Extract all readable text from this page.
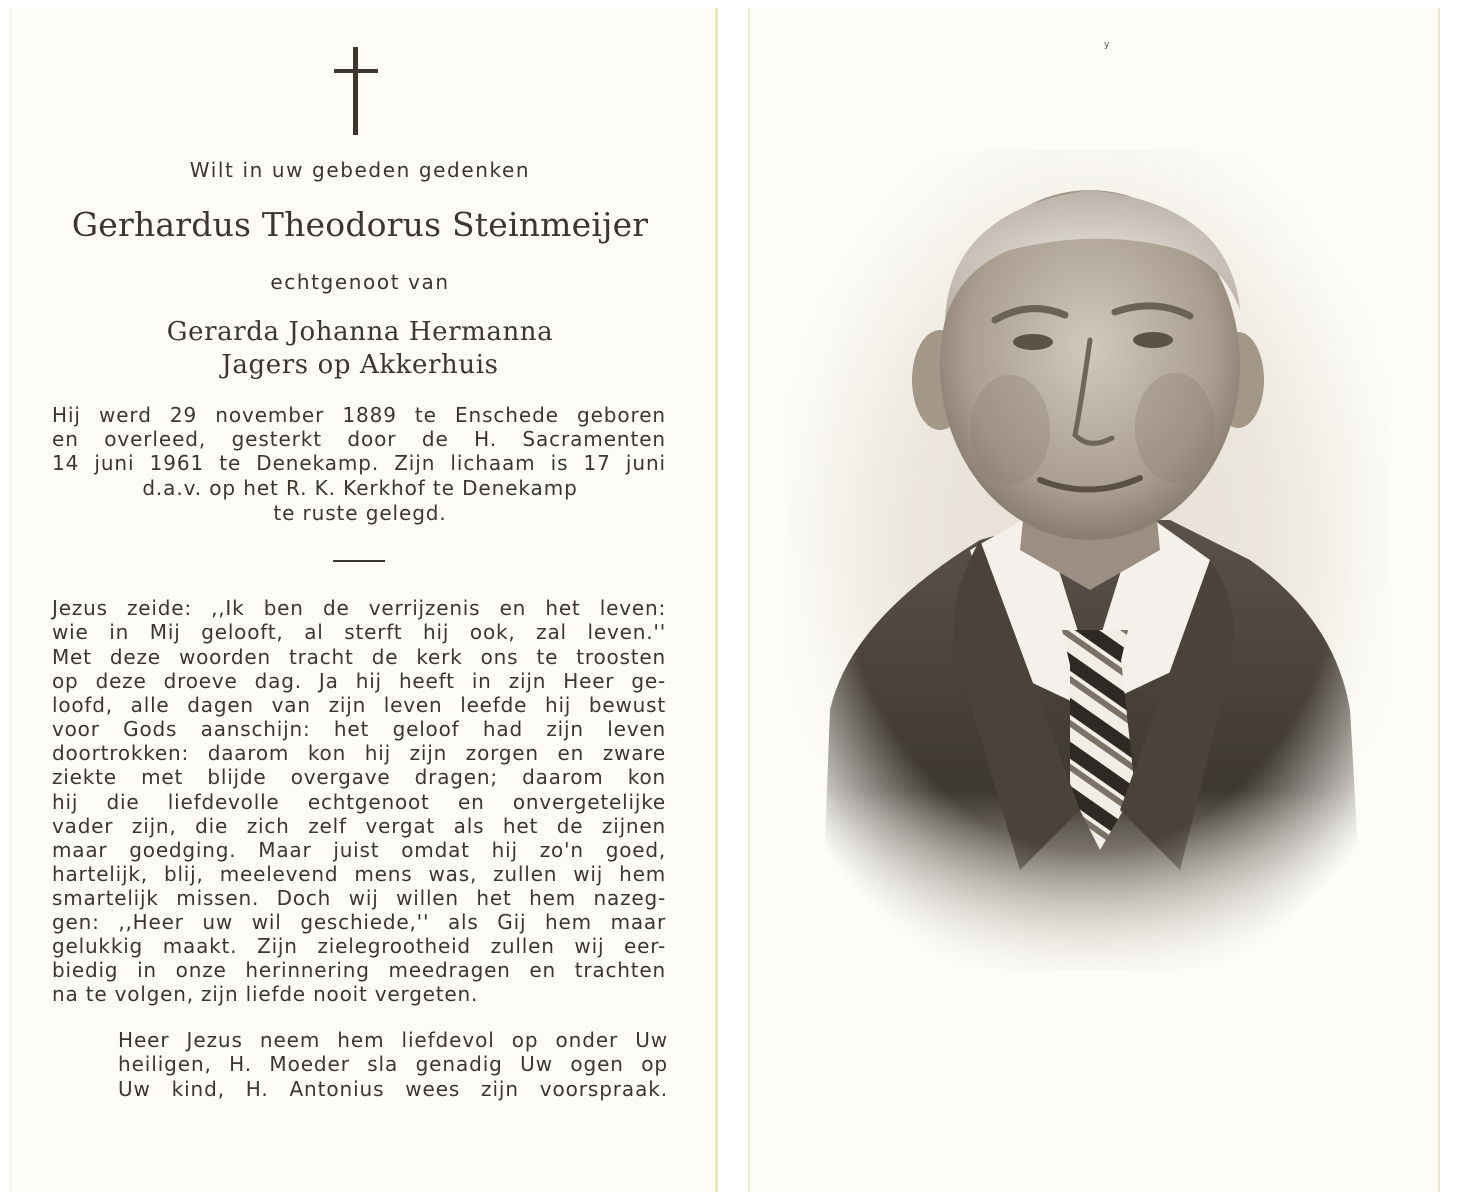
Wilt in uw gebeden gedenken
Gerhardus Theodorus Steinmeijer
echtgenoot van
Gerarda Johanna Hermanna
Jagers op Akkerhuis
Hij werd 29 november 1889 te Enschede geboren
en overleed, gesterkt door de H. Sacramenten
14 juni 1961 te Denekamp. Zijn lichaam is 17 juni
d.a.v. op het R. K. Kerkhof te Denekamp
te ruste gelegd.
Jezus zeide: ,,Ik ben de verrijzenis en het leven:
wie in Mij gelooft, al sterft hij ook, zal leven.''
Met deze woorden tracht de kerk ons te troosten
op deze droeve dag. Ja hij heeft in zijn Heer ge-
loofd, alle dagen van zijn leven leefde hij bewust
voor Gods aanschijn: het geloof had zijn leven
doortrokken: daarom kon hij zijn zorgen en zware
ziekte met blijde overgave dragen; daarom kon
hij die liefdevolle echtgenoot en onvergetelijke
vader zijn, die zich zelf vergat als het de zijnen
maar goedging. Maar juist omdat hij zo'n goed,
hartelijk, blij, meelevend mens was, zullen wij hem
smartelijk missen. Doch wij willen het hem nazeg-
gen: ,,Heer uw wil geschiede,'' als Gij hem maar
gelukkig maakt. Zijn zielegrootheid zullen wij eer-
biedig in onze herinnering meedragen en trachten
na te volgen, zijn liefde nooit vergeten.
Heer Jezus neem hem liefdevol op onder Uw
heiligen, H. Moeder sla genadig Uw ogen op
Uw kind, H. Antonius wees zijn voorspraak.
y
